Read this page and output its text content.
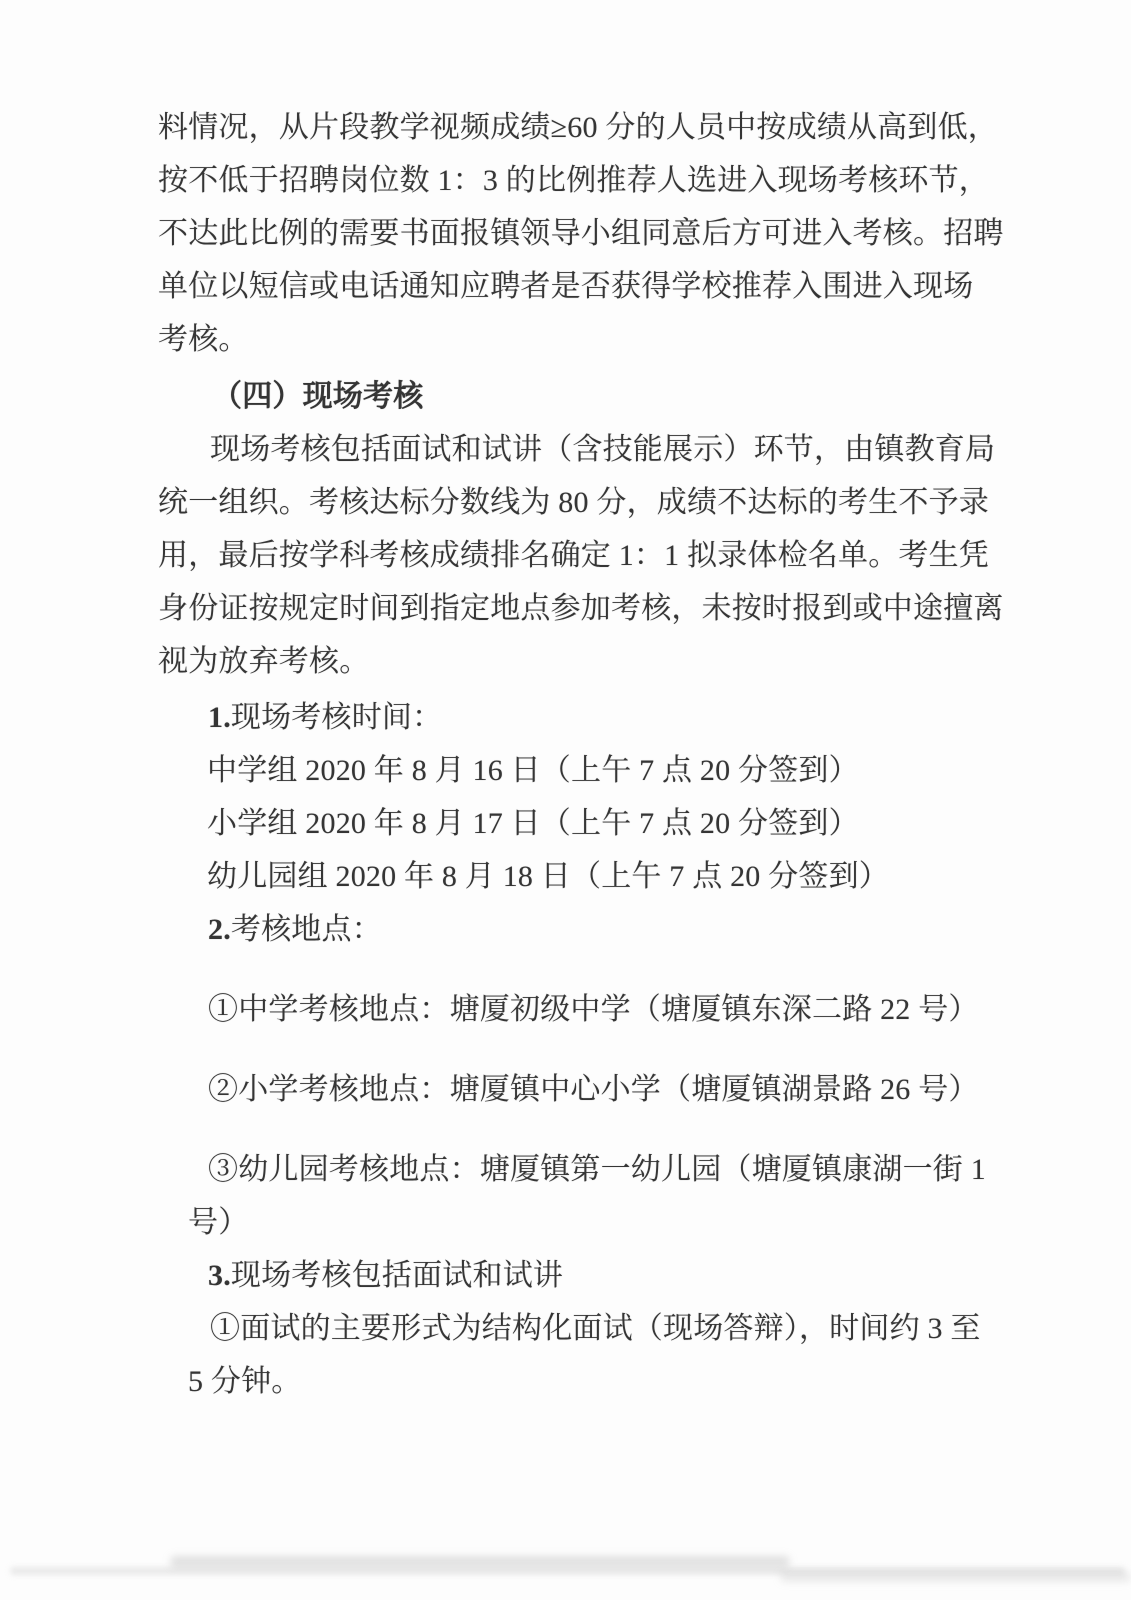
料情况，从片段教学视频成绩≥60 分的人员中按成绩从高到低，
按不低于招聘岗位数 1：3 的比例推荐人选进入现场考核环节，
不达此比例的需要书面报镇领导小组同意后方可进入考核。招聘
单位以短信或电话通知应聘者是否获得学校推荐入围进入现场
考核。
（四）现场考核
现场考核包括面试和试讲（含技能展示）环节，由镇教育局
统一组织。考核达标分数线为 80 分，成绩不达标的考生不予录
用，最后按学科考核成绩排名确定 1：1 拟录体检名单。考生凭
身份证按规定时间到指定地点参加考核，未按时报到或中途擅离
视为放弃考核。
1.现场考核时间：
中学组 2020 年 8 月 16 日（上午 7 点 20 分签到）
小学组 2020 年 8 月 17 日（上午 7 点 20 分签到）
幼儿园组 2020 年 8 月 18 日（上午 7 点 20 分签到）
2.考核地点：
①中学考核地点：塘厦初级中学（塘厦镇东深二路 22 号）
②小学考核地点：塘厦镇中心小学（塘厦镇湖景路 26 号）
③幼儿园考核地点：塘厦镇第一幼儿园（塘厦镇康湖一街 1
号）
3.现场考核包括面试和试讲
①面试的主要形式为结构化面试（现场答辩），时间约 3 至
5 分钟。
